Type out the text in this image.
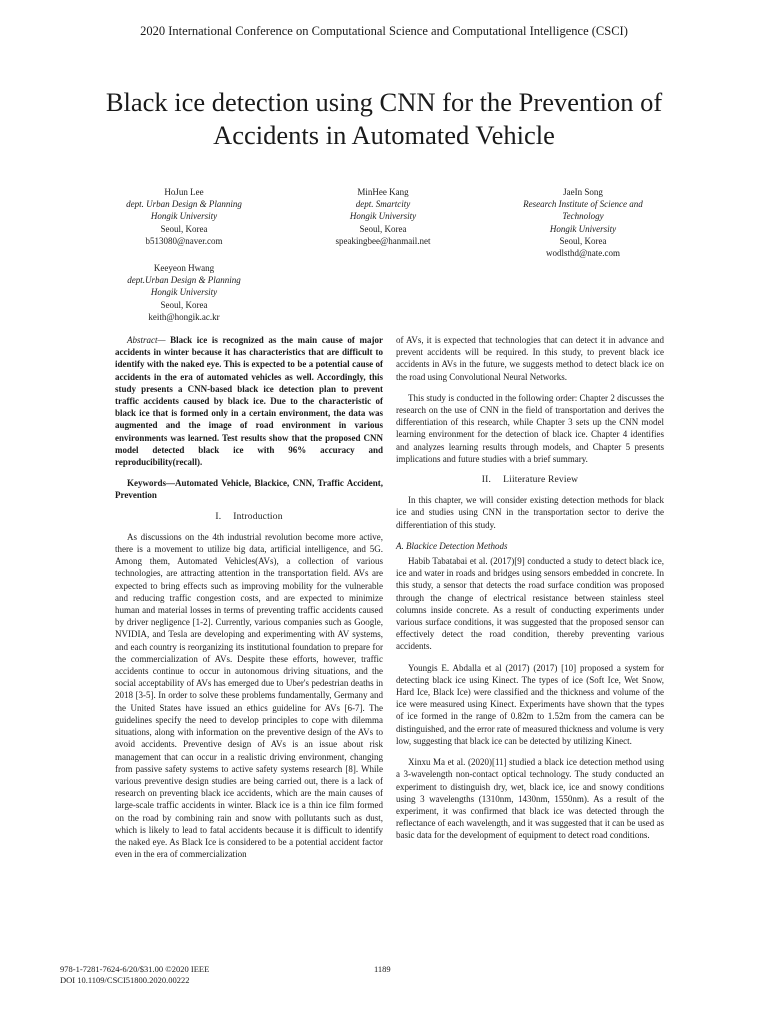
2020 International Conference on Computational Science and Computational Intelligence (CSCI)
Black ice detection using CNN for the Prevention of Accidents in Automated Vehicle
HoJun Lee
dept. Urban Design & Planning
Hongik University
Seoul, Korea
b513080@naver.com
MinHee Kang
dept. Smartcity
Hongik University
Seoul, Korea
speakingbee@hanmail.net
JaeIn Song
Research Institute of Science and
Technology
Hongik University
Seoul, Korea
wodlsthd@nate.com
Keeyeon Hwang
dept.Urban Design & Planning
Hongik University
Seoul, Korea
keith@hongik.ac.kr

Abstract— Black ice is recognized as the main cause of major accidents in winter because it has characteristics that are difficult to identify with the naked eye. This is expected to be a potential cause of accidents in the era of automated vehicles as well. Accordingly, this study presents a CNN-based black ice detection plan to prevent traffic accidents caused by black ice. Due to the characteristic of black ice that is formed only in a certain environment, the data was augmented and the image of road environment in various environments was learned. Test results show that the proposed CNN model detected black ice with 96% accuracy and reproducibility(recall).

Keywords—Automated Vehicle, Blackice, CNN, Traffic Accident, Prevention

I. Introduction

As discussions on the 4th industrial revolution become more active, there is a movement to utilize big data, artificial intelligence, and 5G. Among them, Automated Vehicles(AVs), a collection of various technologies, are attracting attention in the transportation field. AVs are expected to bring effects such as improving mobility for the vulnerable and reducing traffic congestion costs, and are expected to minimize human and material losses in terms of preventing traffic accidents caused by driver negligence [1-2]. Currently, various companies such as Google, NVIDIA, and Tesla are developing and experimenting with AV systems, and each country is reorganizing its institutional foundation to prepare for the commercialization of AVs. Despite these efforts, however, traffic accidents continue to occur in autonomous driving situations, and the social acceptability of AVs has emerged due to Uber's pedestrian deaths in 2018 [3-5]. In order to solve these problems fundamentally, Germany and the United States have issued an ethics guideline for AVs [6-7]. The guidelines specify the need to develop principles to cope with dilemma situations, along with information on the preventive design of the AVs to avoid accidents. Preventive design of AVs is an issue about risk management that can occur in a realistic driving environment, changing from passive safety systems to active safety systems research [8]. While various preventive design studies are being carried out, there is a lack of research on preventing black ice accidents, which are the main causes of large-scale traffic accidents in winter. Black ice is a thin ice film formed on the road by combining rain and snow with pollutants such as dust, which is likely to lead to fatal accidents because it is difficult to identify the naked eye. As Black Ice is considered to be a potential accident factor even in the era of commercialization

of AVs, it is expected that technologies that can detect it in advance and prevent accidents will be required. In this study, to prevent black ice accidents in AVs in the future, we suggests method to detect black ice on the road using Convolutional Neural Networks.

This study is conducted in the following order: Chapter 2 discusses the research on the use of CNN in the field of transportation and derives the differentiation of this research, while Chapter 3 sets up the CNN model learning environment for the detection of black ice. Chapter 4 identifies and analyzes learning results through models, and Chapter 5 presents implications and future studies with a brief summary.

II. Liiterature Review

In this chapter, we will consider existing detection methods for black ice and studies using CNN in the transportation sector to derive the differentiation of this study.

A. Blackice Detection Methods

Habib Tabatabai et al. (2017)[9] conducted a study to detect black ice, ice and water in roads and bridges using sensors embedded in concrete. In this study, a sensor that detects the road surface condition was proposed through the change of electrical resistance between stainless steel columns inside concrete. As a result of conducting experiments under various surface conditions, it was suggested that the proposed sensor can effectively detect the road condition, thereby preventing various accidents.

Youngis E. Abdalla et al (2017) (2017) [10] proposed a system for detecting black ice using Kinect. The types of ice (Soft Ice, Wet Snow, Hard Ice, Black Ice) were classified and the thickness and volume of the ice were measured using Kinect. Experiments have shown that the types of ice formed in the range of 0.82m to 1.52m from the camera can be distinguished, and the error rate of measured thickness and volume is very low, suggesting that black ice can be detected by utilizing Kinect.

Xinxu Ma et al. (2020)[11] studied a black ice detection method using a 3-wavelength non-contact optical technology. The study conducted an experiment to distinguish dry, wet, black ice, ice and snowy conditions using 3 wavelengths (1310nm, 1430nm, 1550nm). As a result of the experiment, it was confirmed that black ice was detected through the reflectance of each wavelength, and it was suggested that it can be used as basic data for the development of equipment to detect road conditions.

978-1-7281-7624-6/20/$31.00 ©2020 IEEE
DOI 10.1109/CSCI51800.2020.00222
1189
